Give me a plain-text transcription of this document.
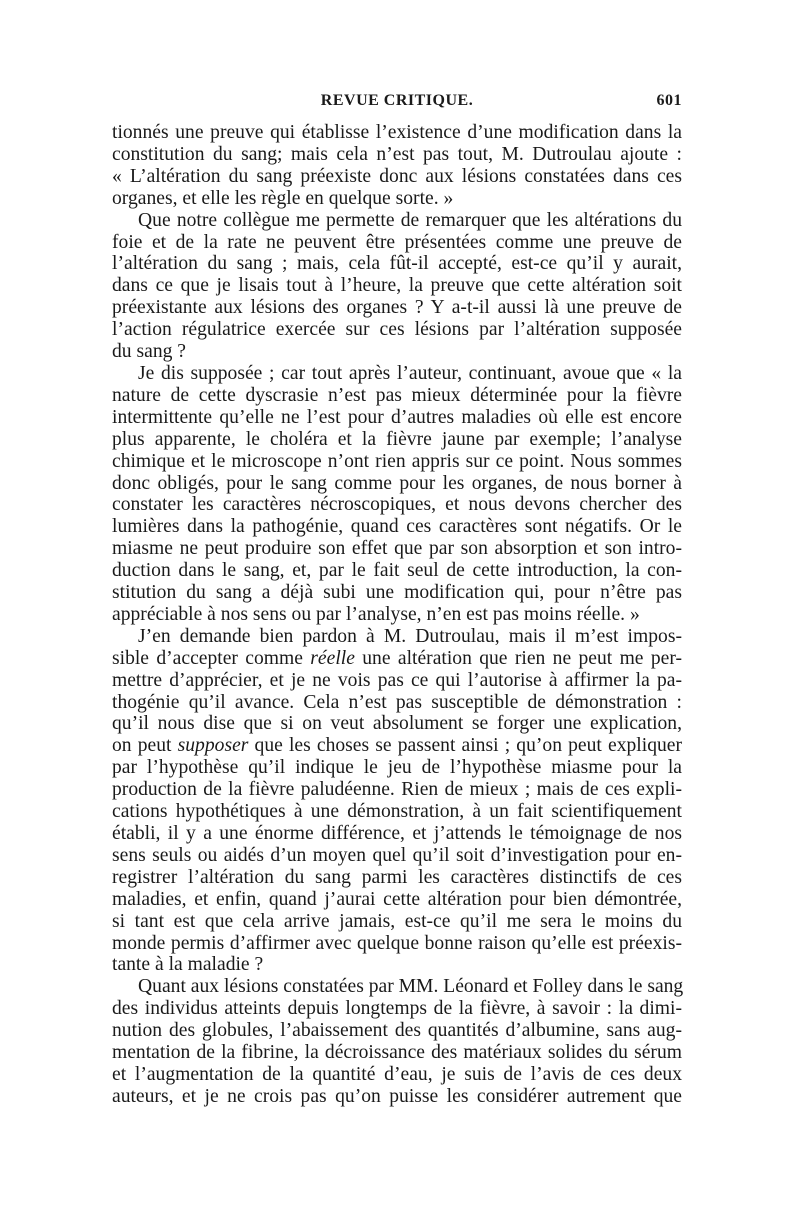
REVUE CRITIQUE.	601

tionnés une preuve qui établisse l’existence d’une modification dans la

constitution du sang; mais cela n’est pas tout, M. Dutroulau ajoute :

« L’altération du sang préexiste donc aux lésions constatées dans ces

organes, et elle les règle en quelque sorte. »

Que notre collègue me permette de remarquer que les altérations du

foie et de la rate ne peuvent être présentées comme une preuve de

l’altération du sang ; mais, cela fût-il accepté, est-ce qu’il y aurait,

dans ce que je lisais tout à l’heure, la preuve que cette altération soit

préexistante aux lésions des organes ? Y a-t-il aussi là une preuve de

l’action régulatrice exercée sur ces lésions par l’altération supposée

du sang ?

Je dis supposée ; car tout après l’auteur, continuant, avoue que « la

nature de cette dyscrasie n’est pas mieux déterminée pour la fièvre

intermittente qu’elle ne l’est pour d’autres maladies où elle est encore

plus apparente, le choléra et la fièvre jaune par exemple; l’analyse

chimique et le microscope n’ont rien appris sur ce point. Nous sommes

donc obligés, pour le sang comme pour les organes, de nous borner à

constater les caractères nécroscopiques, et nous devons chercher des

lumières dans la pathogénie, quand ces caractères sont négatifs. Or le

miasme ne peut produire son effet que par son absorption et son intro-

duction dans le sang, et, par le fait seul de cette introduction, la con-

stitution du sang a déjà subi une modification qui, pour n’être pas

appréciable à nos sens ou par l’analyse, n’en est pas moins réelle. »

J’en demande bien pardon à M. Dutroulau, mais il m’est impos-

sible d’accepter comme réelle une altération que rien ne peut me per-

mettre d’apprécier, et je ne vois pas ce qui l’autorise à affirmer la pa-

thogénie qu’il avance. Cela n’est pas susceptible de démonstration :

qu’il nous dise que si on veut absolument se forger une explication,

on peut supposer que les choses se passent ainsi ; qu’on peut expliquer

par l’hypothèse qu’il indique le jeu de l’hypothèse miasme pour la

production de la fièvre paludéenne. Rien de mieux ; mais de ces expli-

cations hypothétiques à une démonstration, à un fait scientifiquement

établi, il y a une énorme différence, et j’attends le témoignage de nos

sens seuls ou aidés d’un moyen quel qu’il soit d’investigation pour en-

registrer l’altération du sang parmi les caractères distinctifs de ces

maladies, et enfin, quand j’aurai cette altération pour bien démontrée,

si tant est que cela arrive jamais, est-ce qu’il me sera le moins du

monde permis d’affirmer avec quelque bonne raison qu’elle est préexis-

tante à la maladie ?

Quant aux lésions constatées par MM. Léonard et Folley dans le sang

des individus atteints depuis longtemps de la fièvre, à savoir : la dimi-

nution des globules, l’abaissement des quantités d’albumine, sans aug-

mentation de la fibrine, la décroissance des matériaux solides du sérum

et l’augmentation de la quantité d’eau, je suis de l’avis de ces deux

auteurs, et je ne crois pas qu’on puisse les considérer autrement que
